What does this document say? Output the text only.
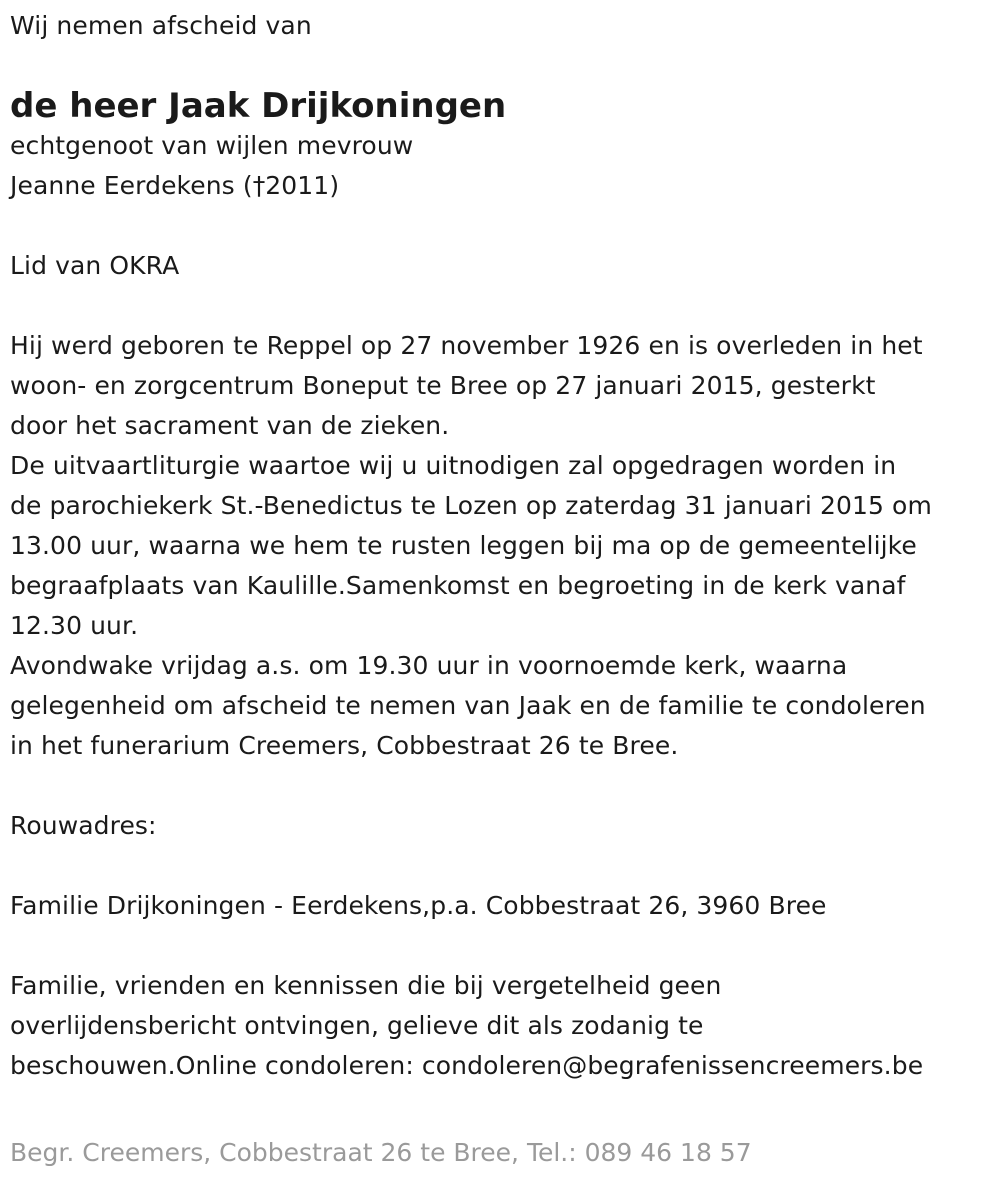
Wij nemen afscheid van
de heer Jaak Drijkoningen
echtgenoot van wijlen mevrouw
Jeanne Eerdekens (†2011)
Lid van OKRA
Hij werd geboren te Reppel op 27 november 1926 en is overleden in het
woon- en zorgcentrum Boneput te Bree op 27 januari 2015, gesterkt
door het sacrament van de zieken.
De uitvaartliturgie waartoe wij u uitnodigen zal opgedragen worden in
de parochiekerk St.-Benedictus te Lozen op zaterdag 31 januari 2015 om
13.00 uur, waarna we hem te rusten leggen bij ma op de gemeentelijke
begraafplaats van Kaulille.Samenkomst en begroeting in de kerk vanaf
12.30 uur.
Avondwake vrijdag a.s. om 19.30 uur in voornoemde kerk, waarna
gelegenheid om afscheid te nemen van Jaak en de familie te condoleren
in het funerarium Creemers, Cobbestraat 26 te Bree.
Rouwadres:
Familie Drijkoningen - Eerdekens,p.a. Cobbestraat 26, 3960 Bree
Familie, vrienden en kennissen die bij vergetelheid geen
overlijdensbericht ontvingen, gelieve dit als zodanig te
beschouwen.Online condoleren: condoleren@begrafenissencreemers.be
Begr. Creemers, Cobbestraat 26 te Bree, Tel.: 089 46 18 57
